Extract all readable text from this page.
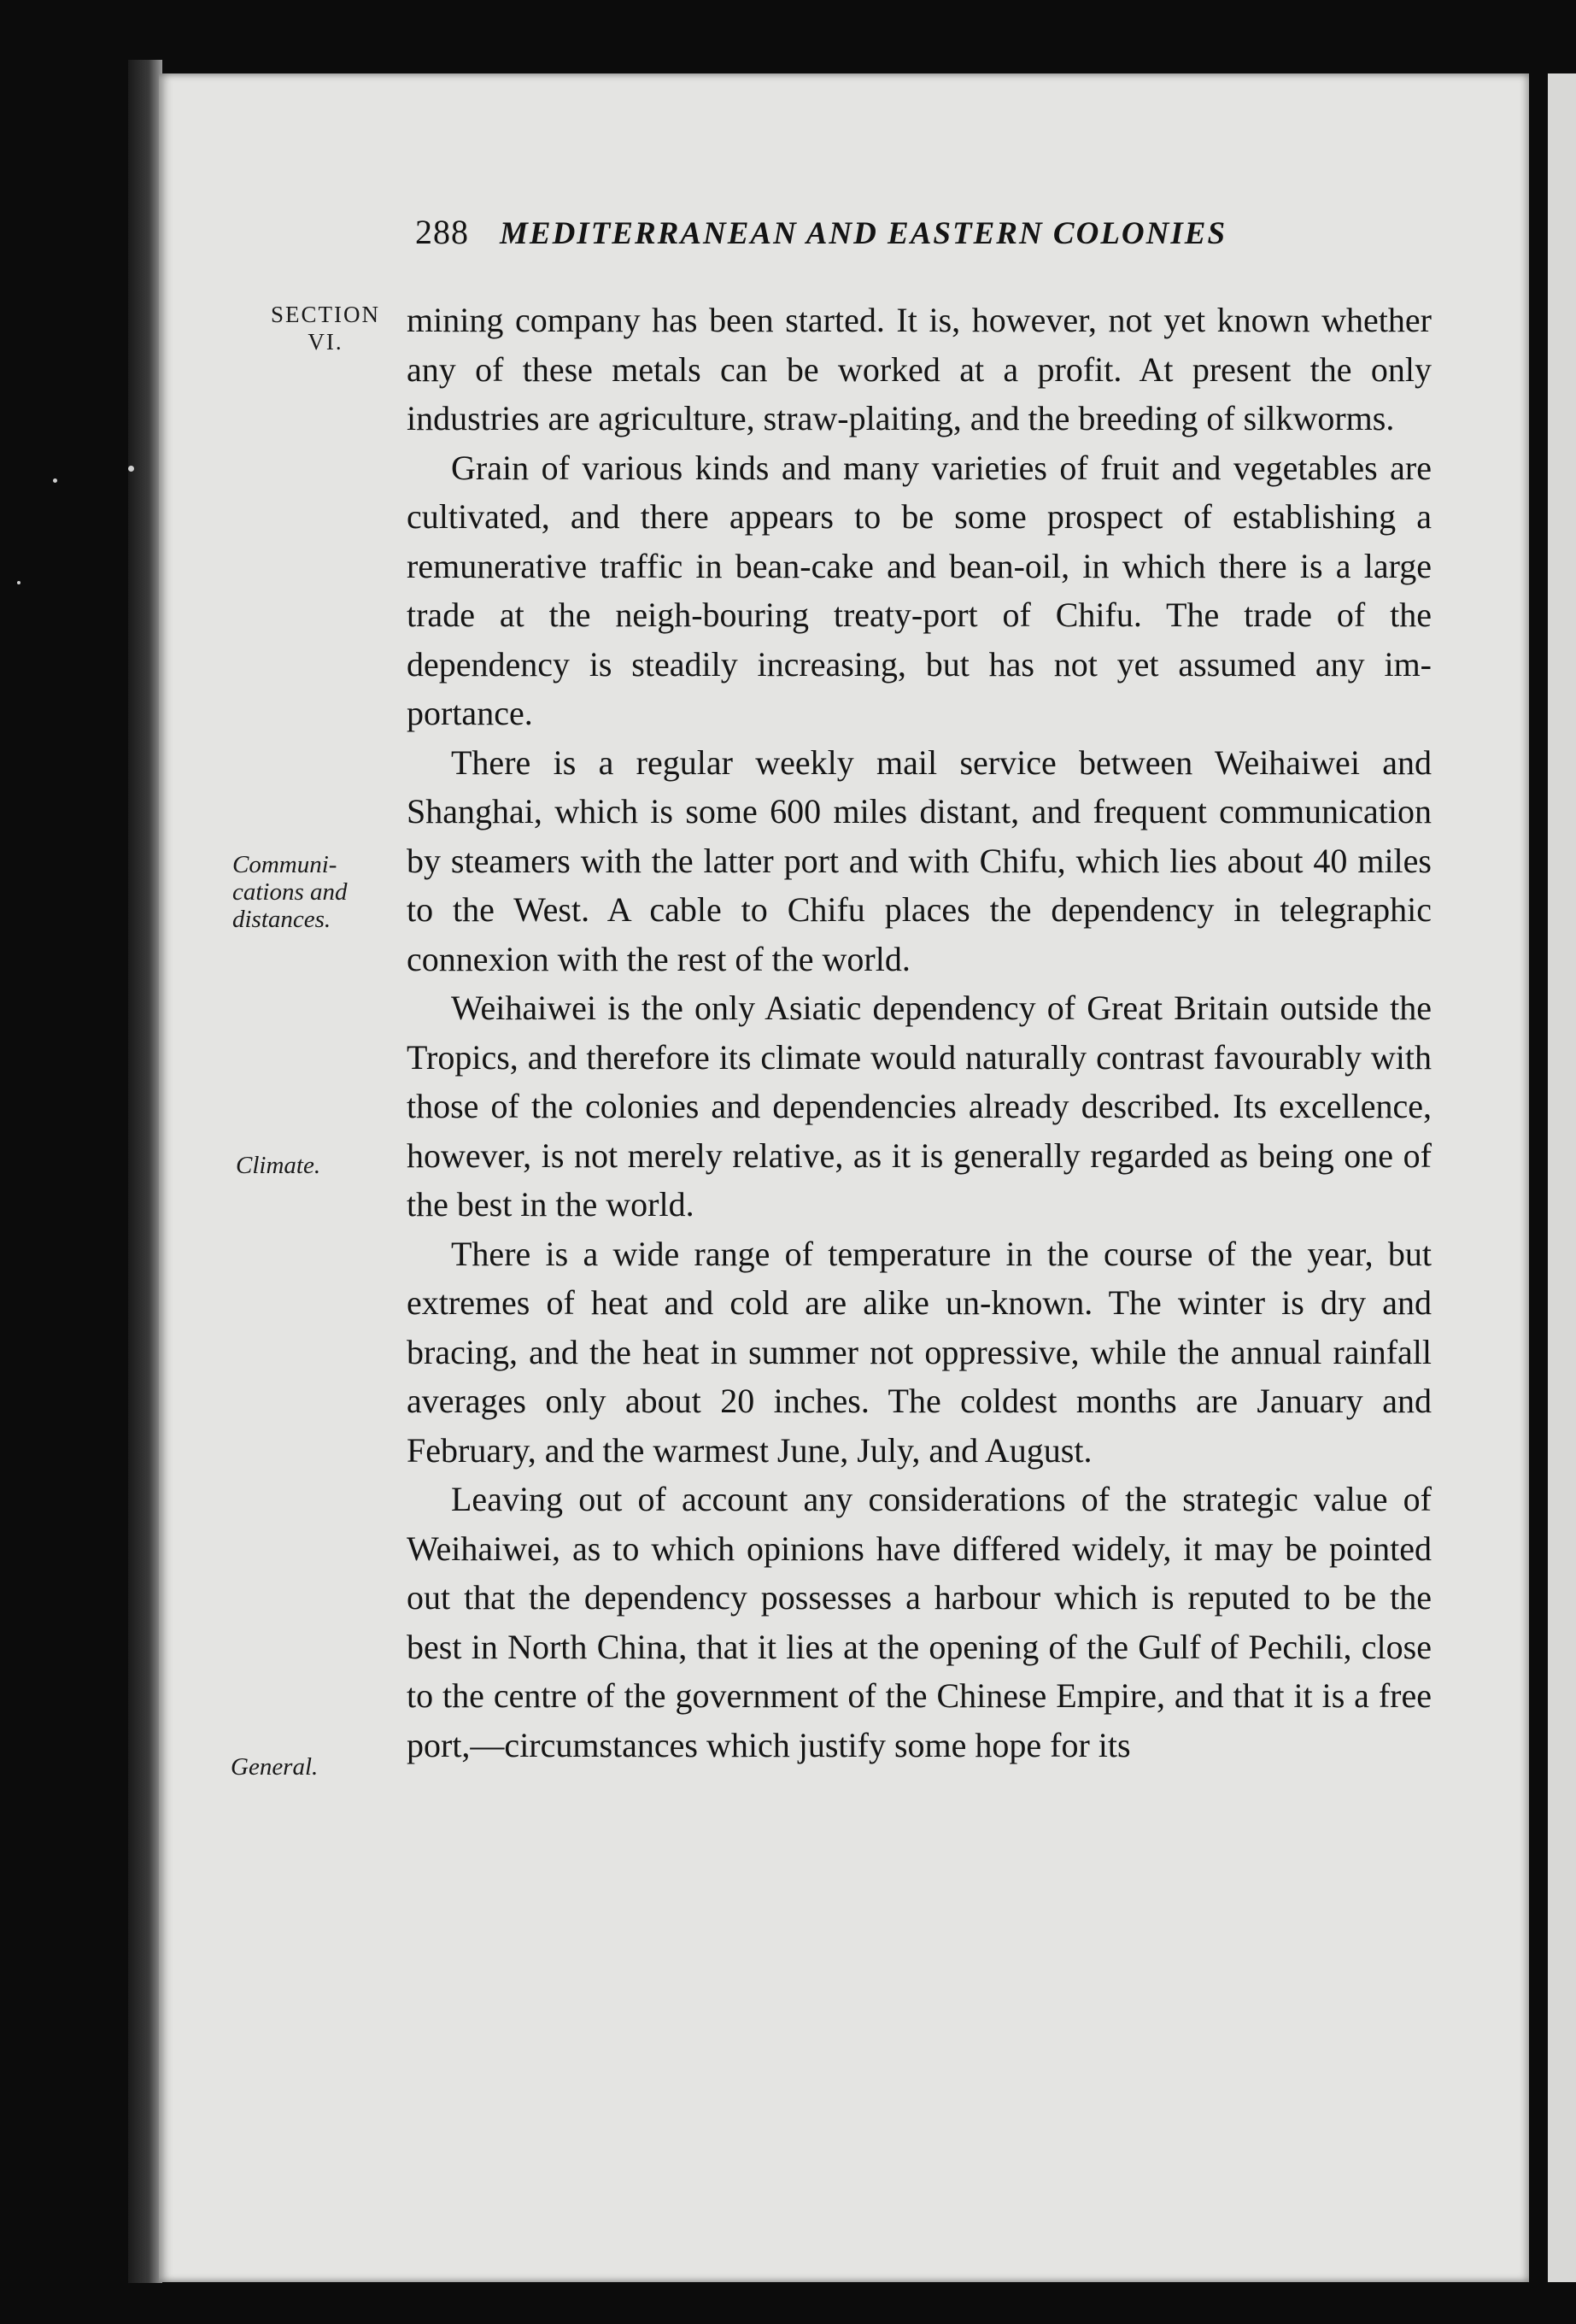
288 MEDITERRANEAN AND EASTERN COLONIES
SECTION VI.
Communi-cations and distances.
Climate.
General.

mining company has been started. It is, however, not yet known whether any of these metals can be worked at a profit. At present the only industries are agriculture, straw-plaiting, and the breeding of silkworms.

Grain of various kinds and many varieties of fruit and vegetables are cultivated, and there appears to be some prospect of establishing a remunerative traffic in bean-cake and bean-oil, in which there is a large trade at the neigh-bouring treaty-port of Chifu. The trade of the dependency is steadily increasing, but has not yet assumed any im-portance.

There is a regular weekly mail service between Weihaiwei and Shanghai, which is some 600 miles distant, and frequent communication by steamers with the latter port and with Chifu, which lies about 40 miles to the West. A cable to Chifu places the dependency in telegraphic connexion with the rest of the world.

Weihaiwei is the only Asiatic dependency of Great Britain outside the Tropics, and therefore its climate would naturally contrast favourably with those of the colonies and dependencies already described. Its excellence, however, is not merely relative, as it is generally regarded as being one of the best in the world.

There is a wide range of temperature in the course of the year, but extremes of heat and cold are alike un-known. The winter is dry and bracing, and the heat in summer not oppressive, while the annual rainfall averages only about 20 inches. The coldest months are January and February, and the warmest June, July, and August.

Leaving out of account any considerations of the strategic value of Weihaiwei, as to which opinions have differed widely, it may be pointed out that the dependency possesses a harbour which is reputed to be the best in North China, that it lies at the opening of the Gulf of Pechili, close to the centre of the government of the Chinese Empire, and that it is a free port,—circumstances which justify some hope for its
